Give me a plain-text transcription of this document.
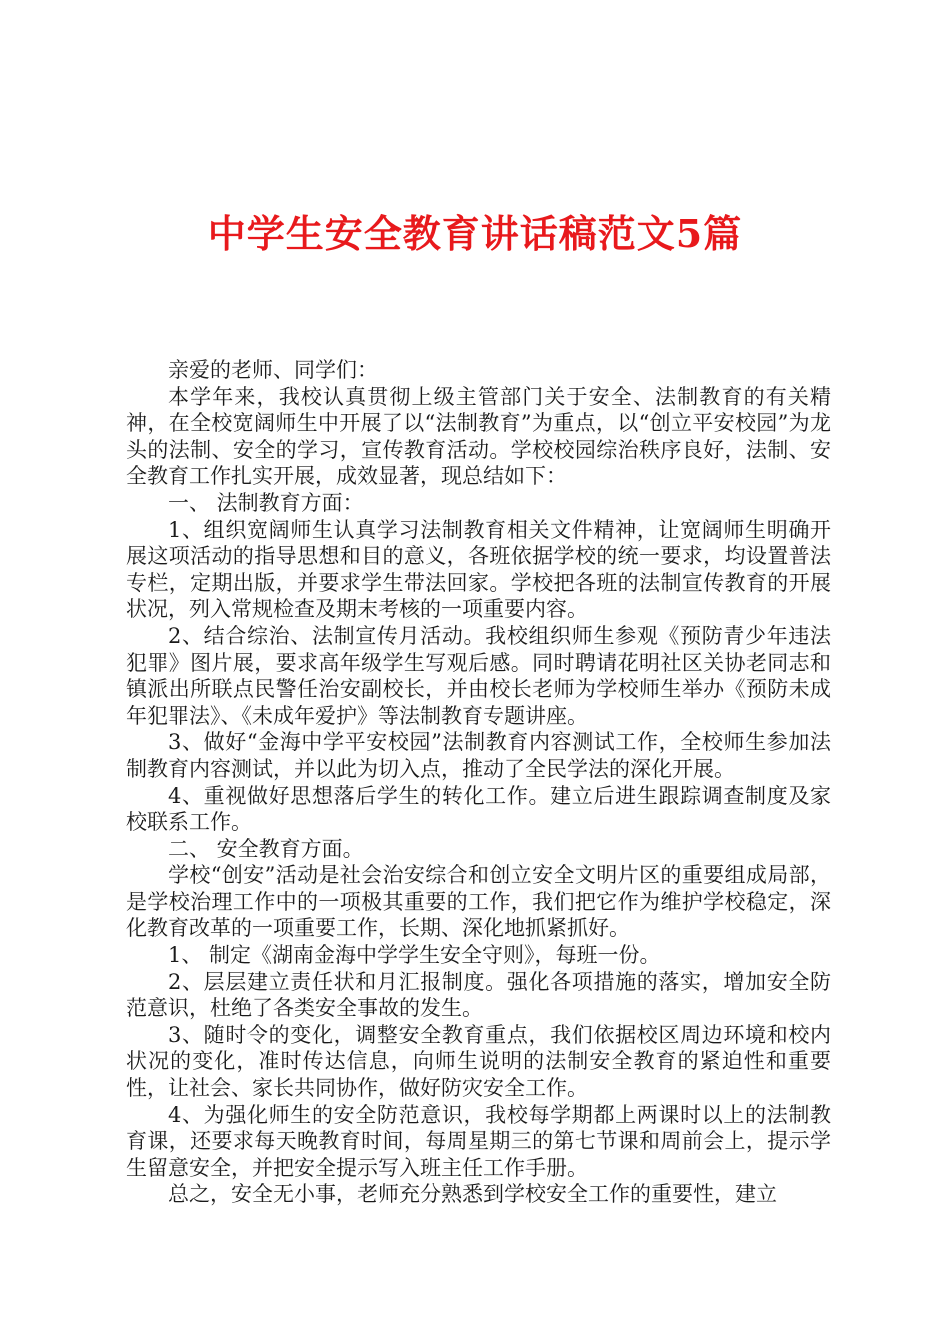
中学生安全教育讲话稿范文5篇

亲爱的老师、同学们：

本学年来，我校认真贯彻上级主管部门关于安全、法制教育的有关精神，在全校宽阔师生中开展了以“法制教育”为重点，以“创立平安校园”为龙头的法制、安全的学习，宣传教育活动。学校校园综治秩序良好，法制、安全教育工作扎实开展，成效显著，现总结如下：

一、 法制教育方面：

1、组织宽阔师生认真学习法制教育相关文件精神，让宽阔师生明确开展这项活动的指导思想和目的意义，各班依据学校的统一要求，均设置普法专栏，定期出版，并要求学生带法回家。学校把各班的法制宣传教育的开展状况，列入常规检查及期末考核的一项重要内容。

2、结合综治、法制宣传月活动。我校组织师生参观《预防青少年违法犯罪》图片展，要求高年级学生写观后感。同时聘请花明社区关协老同志和镇派出所联点民警任治安副校长，并由校长老师为学校师生举办《预防未成年犯罪法》、《未成年爱护》等法制教育专题讲座。

3、做好“金海中学平安校园”法制教育内容测试工作，全校师生参加法制教育内容测试，并以此为切入点，推动了全民学法的深化开展。

4、重视做好思想落后学生的转化工作。建立后进生跟踪调查制度及家校联系工作。

二、 安全教育方面。

学校“创安”活动是社会治安综合和创立安全文明片区的重要组成局部，是学校治理工作中的一项极其重要的工作，我们把它作为维护学校稳定，深化教育改革的一项重要工作，长期、深化地抓紧抓好。

1、 制定《湖南金海中学学生安全守则》，每班一份。

2、层层建立责任状和月汇报制度。强化各项措施的落实，增加安全防范意识，杜绝了各类安全事故的发生。

3、随时令的变化，调整安全教育重点，我们依据校区周边环境和校内状况的变化，准时传达信息，向师生说明的法制安全教育的紧迫性和重要性，让社会、家长共同协作，做好防灾安全工作。

4、为强化师生的安全防范意识，我校每学期都上两课时以上的法制教育课，还要求每天晚教育时间，每周星期三的第七节课和周前会上，提示学生留意安全，并把安全提示写入班主任工作手册。

总之，安全无小事，老师充分熟悉到学校安全工作的重要性，建立
